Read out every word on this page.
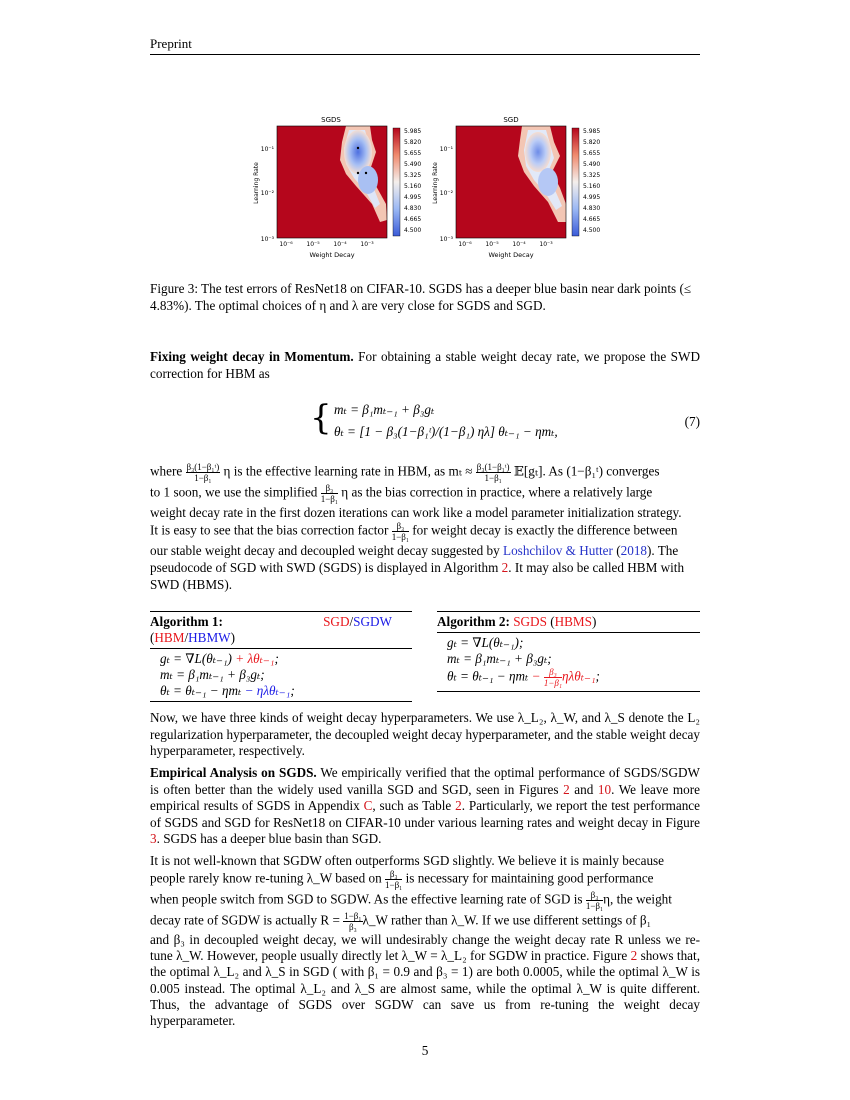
Preprint
SGDS
Learning Rate
10⁻¹
10⁻²
10⁻³
10⁻⁶ 10⁻⁵ 10⁻⁴ 10⁻³
Weight Decay
5.985
5.820
5.655
5.490
5.325
5.160
4.995
4.830
4.665
4.500
SGD
Learning Rate
10⁻¹
10⁻²
10⁻³
10⁻⁶ 10⁻⁵ 10⁻⁴ 10⁻³
Weight Decay
5.985
5.820
5.655
5.490
5.325
5.160
4.995
4.830
4.665
4.500
Figure 3: The test errors of ResNet18 on CIFAR-10. SGDS has a deeper blue basin near dark points (≤ 4.83%). The optimal choices of η and λ are very close for SGDS and SGD.
Fixing weight decay in Momentum. For obtaining a stable weight decay rate, we propose the SWD correction for HBM as
{ mₜ = β₁mₜ₋₁ + β₃gₜ
θₜ = [1 − β₃(1−β₁ᵗ)/(1−β₁) ηλ] θₜ₋₁ − ηmₜ,
(7)
where $\frac{\text{β₃(1−β₁ᵗ)}}{\text{1−β₁}}$ η is the effective learning rate in HBM, as $m_t \approx \frac{\text{β₃(1−β₁ᵗ)}}{\text{1−β₁}}$ 𝔼[gₜ]. As (1−β₁ᵗ) converges
to 1 soon, we use the simplified $\frac{\text{β₃}}{\text{1−β₁}}$ η as the bias correction in practice, where a relatively large
weight decay rate in the first dozen iterations can work like a model parameter initialization strategy.
It is easy to see that the bias correction factor $\frac{\text{β₃}}{\text{1−β₁}}$ for weight decay is exactly the difference between
our stable weight decay and decoupled weight decay suggested by Loshchilov & Hutter (2018). The
pseudocode of SGD with SWD (SGDS) is displayed in Algorithm 2. It may also be called HBM with
SWD (HBMS).
Algorithm 1:	SGD/SGDW
(HBM/HBMW)
gₜ = ∇L(θₜ₋₁) + λθₜ₋₁;
mₜ = β₁mₜ₋₁ + β₃gₜ;
θₜ = θₜ₋₁ − ηmₜ − ηλθₜ₋₁;
Algorithm 2: SGDS (HBMS)
gₜ = ∇L(θₜ₋₁);
mₜ = β₁mₜ₋₁ + β₃gₜ;
$\theta_t = \theta_{t-1} - \eta m_t - \frac{\text{β₃}}{\text{1−β₁}} \eta\lambda\theta_{t-1}$;
Now, we have three kinds of weight decay hyperparameters. We use λ_L₂, λ_W, and λ_S denote the L₂ regularization hyperparameter, the decoupled weight decay hyperparameter, and the stable weight decay hyperparameter, respectively.
Empirical Analysis on SGDS. We empirically verified that the optimal performance of SGDS/SGDW is often better than the widely used vanilla SGD and SGD, seen in Figures 2 and 10. We leave more empirical results of SGDS in Appendix C, such as Table 2. Particularly, we report the test performance of SGDS and SGD for ResNet18 on CIFAR-10 under various learning rates and weight decay in Figure 3. SGDS has a deeper blue basin than SGD.
It is not well-known that SGDW often outperforms SGD slightly. We believe it is mainly because
people rarely know re-tuning λ_W based on $\frac{\text{β₃}}{\text{1−β₁}}$ is necessary for maintaining good performance
when people switch from SGD to SGDW. As the effective learning rate of SGD is $\frac{\text{β₃}}{\text{1−β₁}} \eta$, the weight
decay rate of SGDW is actually $R = \frac{\text{1−β₁}}{\text{β₃}}$ λ_W rather than λ_W. If we use different settings of β₁
and β₃ in decoupled weight decay, we will undesirably change the weight decay rate R unless we re-tune λ_W. However, people usually directly let λ_W = λ_L₂ for SGDW in practice. Figure 2 shows that, the optimal λ_L₂ and λ_S in SGD ( with β₁ = 0.9 and β₃ = 1) are both 0.0005, while the optimal λ_W is 0.005 instead. The optimal λ_L₂ and λ_S are almost same, while the optimal λ_W is quite different. Thus, the advantage of SGDS over SGDW can save us from re-tuning the weight decay hyperparameter.
5
